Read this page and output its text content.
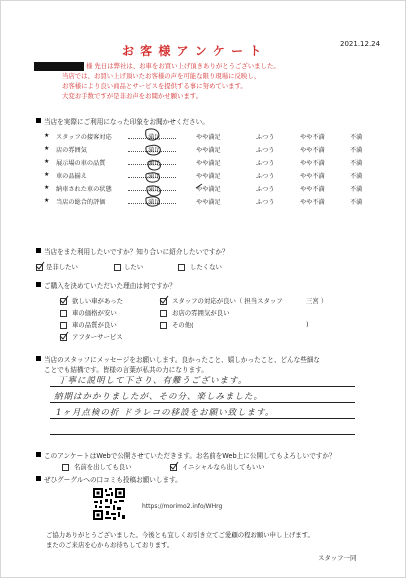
2021.12.24
お 客 様 ア ン ケ ー ト
様 先日は弊社は、お車をお買い上げ頂きありがとうございました。
当店では、お買い上げ頂いたお客様の声を可能な限り現場に反映し、
お客様により良い商品とサービスを提供する事に努めています。
大変お手数ですが是非お声をお聞かせ願います。
当店を実際にご利用になった印象をお聞かせください。
★ スタッフの接客対応	満足	やや満足	ふつう	やや不満	不満
★ 店の雰囲気	満足	やや満足	ふつう	やや不満	不満
★ 展示場の車の品質	満足	やや満足	ふつう	やや不満	不満
★ 車の品揃え	満足	やや満足	ふつう	やや不満	不満
★ 納車された車の状態	満足	やや満足	ふつう	やや不満	不満
★ 当店の総合的評価	満足	やや満足	ふつう	やや不満	不満
当店をまた利用したいですか？知り合いに紹介したいですか？
是非したい	したい	したくない
ご購入を決めていただいた理由は何ですか？
欲しい車があった	スタッフの対応が良い（ 担当スタッフ	三宮 ）
車の価格が安い	お店の雰囲気が良い
車の品質が良い	その他(	)
アフターサービス
当店のスタッフにメッセージをお願いします。良かったこと、嬉しかったこと、どんな些細な
ことでも結構です。皆様の言葉が私共の力になります。
丁寧に説明して下さり、有難うございます。
納期はかかりましたが、その分、楽しみました。
1ヶ月点検の折 ドラレコの移設をお願い致します。
このアンケートはWebで公開させていただきます。お名前をWeb上に公開してもよろしいですか？
名前を出しても良い	イニシャルなら出してもいい
ぜひグーグルへの口コミも投稿お願いします。
https://morimo2.info/WHrg
ご協力ありがとうございました。今後とも宜しくお引き立てご愛顧の程お願い申し上げます。
またのご来店を心からお待ちしております。
スタッフ一同
